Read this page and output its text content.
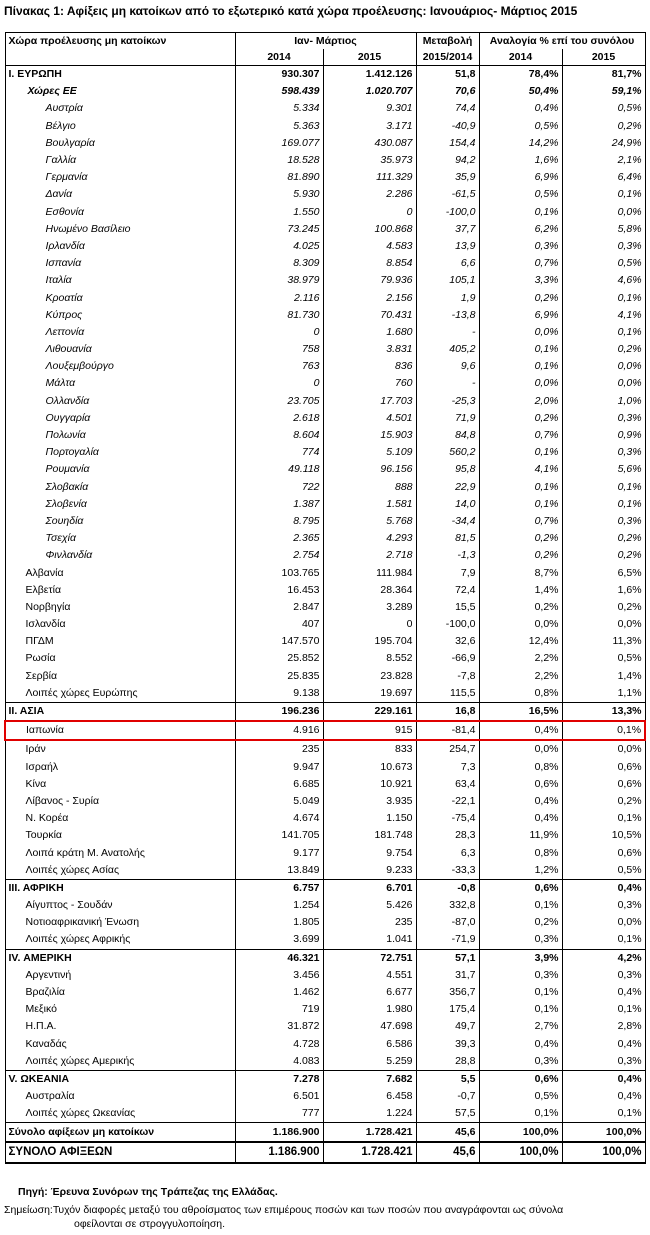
Πίνακας 1: Αφίξεις μη κατοίκων από το εξωτερικό κατά χώρα προέλευσης: Ιανουάριος- Μάρτιος 2015
Χώρα προέλευσης μη κατοίκων	Ιαν- Μάρτιος		Μεταβολή	Αναλογία % επί του συνόλου	
	2014	2015	2015/2014	2014	2015
Ι. ΕΥΡΩΠΗ	930.307	1.412.126	51,8	78,4%	81,7%
Χώρες ΕΕ	598.439	1.020.707	70,6	50,4%	59,1%
Αυστρία	5.334	9.301	74,4	0,4%	0,5%
Βέλγιο	5.363	3.171	-40,9	0,5%	0,2%
Βουλγαρία	169.077	430.087	154,4	14,2%	24,9%
Γαλλία	18.528	35.973	94,2	1,6%	2,1%
Γερμανία	81.890	111.329	35,9	6,9%	6,4%
Δανία	5.930	2.286	-61,5	0,5%	0,1%
Εσθονία	1.550	0	-100,0	0,1%	0,0%
Ηνωμένο Βασίλειο	73.245	100.868	37,7	6,2%	5,8%
Ιρλανδία	4.025	4.583	13,9	0,3%	0,3%
Ισπανία	8.309	8.854	6,6	0,7%	0,5%
Ιταλία	38.979	79.936	105,1	3,3%	4,6%
Κροατία	2.116	2.156	1,9	0,2%	0,1%
Κύπρος	81.730	70.431	-13,8	6,9%	4,1%
Λεττονία	0	1.680	-	0,0%	0,1%
Λιθουανία	758	3.831	405,2	0,1%	0,2%
Λουξεμβούργο	763	836	9,6	0,1%	0,0%
Μάλτα	0	760	-	0,0%	0,0%
Ολλανδία	23.705	17.703	-25,3	2,0%	1,0%
Ουγγαρία	2.618	4.501	71,9	0,2%	0,3%
Πολωνία	8.604	15.903	84,8	0,7%	0,9%
Πορτογαλία	774	5.109	560,2	0,1%	0,3%
Ρουμανία	49.118	96.156	95,8	4,1%	5,6%
Σλοβακία	722	888	22,9	0,1%	0,1%
Σλοβενία	1.387	1.581	14,0	0,1%	0,1%
Σουηδία	8.795	5.768	-34,4	0,7%	0,3%
Τσεχία	2.365	4.293	81,5	0,2%	0,2%
Φινλανδία	2.754	2.718	-1,3	0,2%	0,2%
Αλβανία	103.765	111.984	7,9	8,7%	6,5%
Ελβετία	16.453	28.364	72,4	1,4%	1,6%
Νορβηγία	2.847	3.289	15,5	0,2%	0,2%
Ισλανδία	407	0	-100,0	0,0%	0,0%
ΠΓΔΜ	147.570	195.704	32,6	12,4%	11,3%
Ρωσία	25.852	8.552	-66,9	2,2%	0,5%
Σερβία	25.835	23.828	-7,8	2,2%	1,4%
Λοιπές χώρες Ευρώπης	9.138	19.697	115,5	0,8%	1,1%
ΙΙ. ΑΣΙΑ	196.236	229.161	16,8	16,5%	13,3%
Ιαπωνία	4.916	915	-81,4	0,4%	0,1%
Ιράν	235	833	254,7	0,0%	0,0%
Ισραήλ	9.947	10.673	7,3	0,8%	0,6%
Κίνα	6.685	10.921	63,4	0,6%	0,6%
Λίβανος - Συρία	5.049	3.935	-22,1	0,4%	0,2%
Ν. Κορέα	4.674	1.150	-75,4	0,4%	0,1%
Τουρκία	141.705	181.748	28,3	11,9%	10,5%
Λοιπά κράτη Μ. Ανατολής	9.177	9.754	6,3	0,8%	0,6%
Λοιπές χώρες Ασίας	13.849	9.233	-33,3	1,2%	0,5%
ΙΙΙ. ΑΦΡΙΚΗ	6.757	6.701	-0,8	0,6%	0,4%
Αίγυπτος - Σουδάν	1.254	5.426	332,8	0,1%	0,3%
Νοτιοαφρικανική Ένωση	1.805	235	-87,0	0,2%	0,0%
Λοιπές χώρες Αφρικής	3.699	1.041	-71,9	0,3%	0,1%
ΙV. ΑΜΕΡΙΚΗ	46.321	72.751	57,1	3,9%	4,2%
Αργεντινή	3.456	4.551	31,7	0,3%	0,3%
Βραζιλία	1.462	6.677	356,7	0,1%	0,4%
Μεξικό	719	1.980	175,4	0,1%	0,1%
Η.Π.Α.	31.872	47.698	49,7	2,7%	2,8%
Καναδάς	4.728	6.586	39,3	0,4%	0,4%
Λοιπές χώρες Αμερικής	4.083	5.259	28,8	0,3%	0,3%
V. ΩΚΕΑΝΙΑ	7.278	7.682	5,5	0,6%	0,4%
Αυστραλία	6.501	6.458	-0,7	0,5%	0,4%
Λοιπές χώρες Ωκεανίας	777	1.224	57,5	0,1%	0,1%
Σύνολο αφίξεων μη κατοίκων	1.186.900	1.728.421	45,6	100,0%	100,0%
ΣΥΝΟΛΟ ΑΦΙΞΕΩΝ	1.186.900	1.728.421	45,6	100,0%	100,0%
Πηγή: Έρευνα Συνόρων της Τράπεζας της Ελλάδας.
Σημείωση:Τυχόν διαφορές μεταξύ του αθροίσματος των επιμέρους ποσών και των ποσών που αναγράφονται ως σύνολα
οφείλονται σε στρογγυλοποίηση.
